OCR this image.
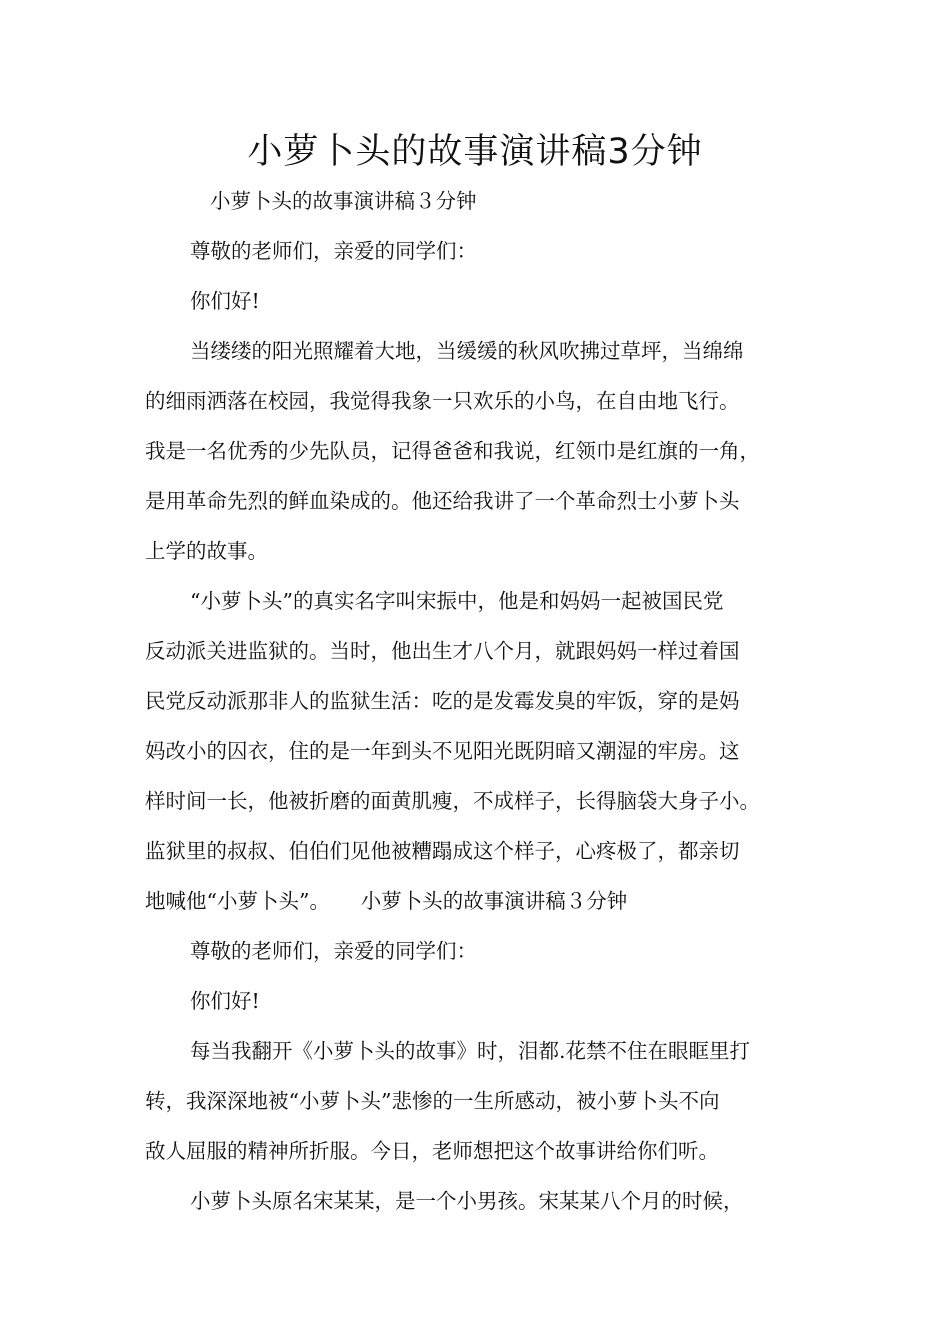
小萝卜头的故事演讲稿3分钟
小萝卜头的故事演讲稿３分钟
尊敬的老师们，亲爱的同学们：
你们好!
当缕缕的阳光照耀着大地，当缓缓的秋风吹拂过草坪，当绵绵
的细雨洒落在校园，我觉得我象一只欢乐的小鸟，在自由地飞行。
我是一名优秀的少先队员，记得爸爸和我说，红领巾是红旗的一角，
是用革命先烈的鲜血染成的。他还给我讲了一个革命烈士小萝卜头
上学的故事。
“小萝卜头”的真实名字叫宋振中，他是和妈妈一起被国民党
反动派关进监狱的。当时，他出生才八个月，就跟妈妈一样过着国
民党反动派那非人的监狱生活：吃的是发霉发臭的牢饭，穿的是妈
妈改小的囚衣，住的是一年到头不见阳光既阴暗又潮湿的牢房。这
样时间一长，他被折磨的面黄肌瘦，不成样子，长得脑袋大身子小。
监狱里的叔叔、伯伯们见他被糟蹋成这个样子，心疼极了，都亲切
地喊他“小萝卜头”。　　小萝卜头的故事演讲稿３分钟
尊敬的老师们，亲爱的同学们：
你们好!
每当我翻开《小萝卜头的故事》时，泪都.花禁不住在眼眶里打
转，我深深地被“小萝卜头”悲惨的一生所感动，被小萝卜头不向
敌人屈服的精神所折服。今日，老师想把这个故事讲给你们听。
小萝卜头原名宋某某，是一个小男孩。宋某某八个月的时候，
